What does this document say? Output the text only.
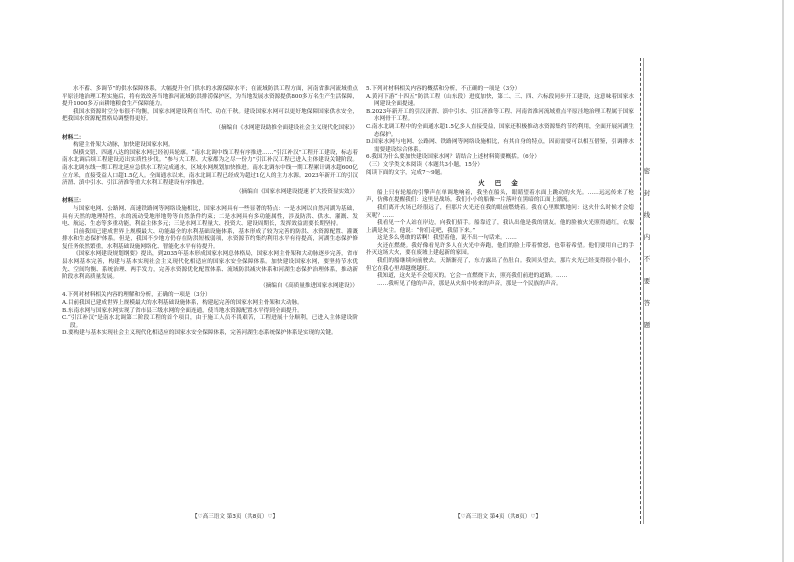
水不蓄、多调节”的供水保障体系，大幅提升全门供水的水源保障水平；在流域防洪工程方面，河南省淮河流域重点平原洼地治理工程实施后，将有效改善当地淮河流域防洪排涝保护区，为当地发展水资源提供800多万名生产生活保障，提升1000多万亩耕地粮食生产保障能力。

我国水资源时空分布很不均衡，国家水网建设利在当代、功在千秋。建设国家水网可以更好地保障国家供水安全，把我国水资源配置格局调整得更好。

（摘编自《水网建设助推全面建设社会主义现代化国家》）

材料二：

构建主骨架大动脉，加快建设国家水网。

纵横交错、四通八达的国家水网已经初具轮廓。“南水北调中线工程有序推进……”引江补汉”工程开工建设，标志着南水北调后续工程建设迈出实质性步伐。“参与大工程、大家都为之尽一份力”引江补汉工程已进入主体建设关键阶段。南水北调东线一期工程北延应急供水工程完成通水，区域水网规划加快推进。南水北调东中线一期工程累计调水超600亿立方米，直接受益人口超1.5亿人。全面通水以来，南水北调工程已经成为超过1亿人的主力水源。2023年新开工的引汉济渭、滇中引水、引江济淮等重大水利工程建设有序推进。

（摘编自《国家水网建设提速 扩大投资显实效》）

材料三：

与国家电网、公路网、高速铁路网等网络设施相比，国家水网具有一些显著的特点：一是水网以自然河湖为基础，具有天然的地理特性，水的流动受地形地势等自然条件约束；二是水网具有多功能属性，涉及防洪、供水、灌溉、发电、航运、生态等多重功能，利益主体多元；三是水网工程量大、投资大、建设周期长，发挥效益需要长期坚持。

目前我国已建成世界上规模最大、功能最全的水利基础设施体系，基本形成了较为完善的防洪、水资源配置、灌溉排水和生态保护体系。但是，我国不少地方仍存在防洪短板弱项，水资源节约集约利用水平有待提高，河湖生态保护修复任务依然繁重，水利基础设施网络化、智能化水平有待提升。

《国家水网建设规划纲要》提出，到2035年基本形成国家水网总体格局，国家水网主骨架和大动脉逐步完善，省市县水网基本完善，构建与基本实现社会主义现代化相适应的国家水安全保障体系。加快建设国家水网，要坚持节水优先、空间均衡、系统治理、两手发力，完善水资源优化配置体系、流域防洪减灾体系和河湖生态保护治理体系，推动新阶段水利高质量发展。

（摘编自《高质量推进国家水网建设》）

4.下列对材料相关内容的理解和分析，正确的一项是（3分）

A.目前我国已建成世界上规模最大的水利基础设施体系，构建起完善的国家水网主骨架和大动脉。

B.东南水网与国家水网实现了省市县三级水网的全面连通，使当地水资源配置水平得到全面提升。

C.“引江补汉”是南水北调第二阶段工程的首个项目，由于施工人员不畏艰苦，工程进展十分顺利，已进入主体建设阶段。

D.要构建与基本实现社会主义现代化相适应的国家水安全保障体系，完善河湖生态系统保护体系是实现的关键。

5.下列对材料相关内容的概括和分析，不正确的一项是（3分）

A.黄河下游“十四五”防洪工程（山东段）进度加快，第二、三、四、六标段同步开工建设，这意味着国家水网建设全面提速。

B.2023年新开工的引汉济渭、滇中引水、引江济淮等工程、河南省淮河流域重点平原洼地治理工程属于国家水网骨干工程。

C.南水北调工程中的全面通水超1.5亿多人直接受益，国家还积极推动水资源集约节约利用，全面开展河湖生态保护。

D.国家水网与电网、公路网、铁路网等网络设施相比，有其自身的特点，因而需要可以相互借鉴，引调排水需要建设综合体系。

6.我国为什么要加快建设国家水网？请结合上述材料简要概括。（6分）

（三）文学类文本阅读（本题共3小题，15分）

阅读下面的文字，完成7～9题。

火 巴 金

船上只有轮船的引擎声在单调地响着，我坐在船头，眼睛望着水面上跳动的火光。……远远传来了枪声，仿佛在提醒我们：这里是战场。我们小小的船像一片落叶在黑暗的江面上漂流。

我们离开火场已经很远了，但那片火光还在我的眼前燃烧着。我在心里默默地问：这火什么时候才会熄灭呢？……

我看见一个人站在岸边，向我们招手。船靠近了，我认出他是我的朋友。他的脸被火光照得通红，衣服上满是灰尘。他说：“你们走吧，我留下来。”

这是多么勇敢的话啊！我望着他，说不出一句话来。……

火还在燃烧。我好像看见许多人在火光中奔跑，他们的脸上带着愤怒，也带着希望。他们要用自己的手扑灭这场大火，要在废墟上建起新的家园。

我们的船继续向前驶去。天渐渐亮了，东方露出了鱼肚白。我回头望去，那片火光已经变得很小很小，但它在我心里却越烧越旺。

我知道，这火是不会熄灭的。它会一直燃烧下去，照亮我们前进的道路。……

……我听见了他的声音，那是从火焰中传来的声音，那是一个民族的声音。

【♡高三语文 第3页（共8页）♡】	【♡高三语文 第4页（共8页）♡】
密
封
线
内
不
要
答
题
